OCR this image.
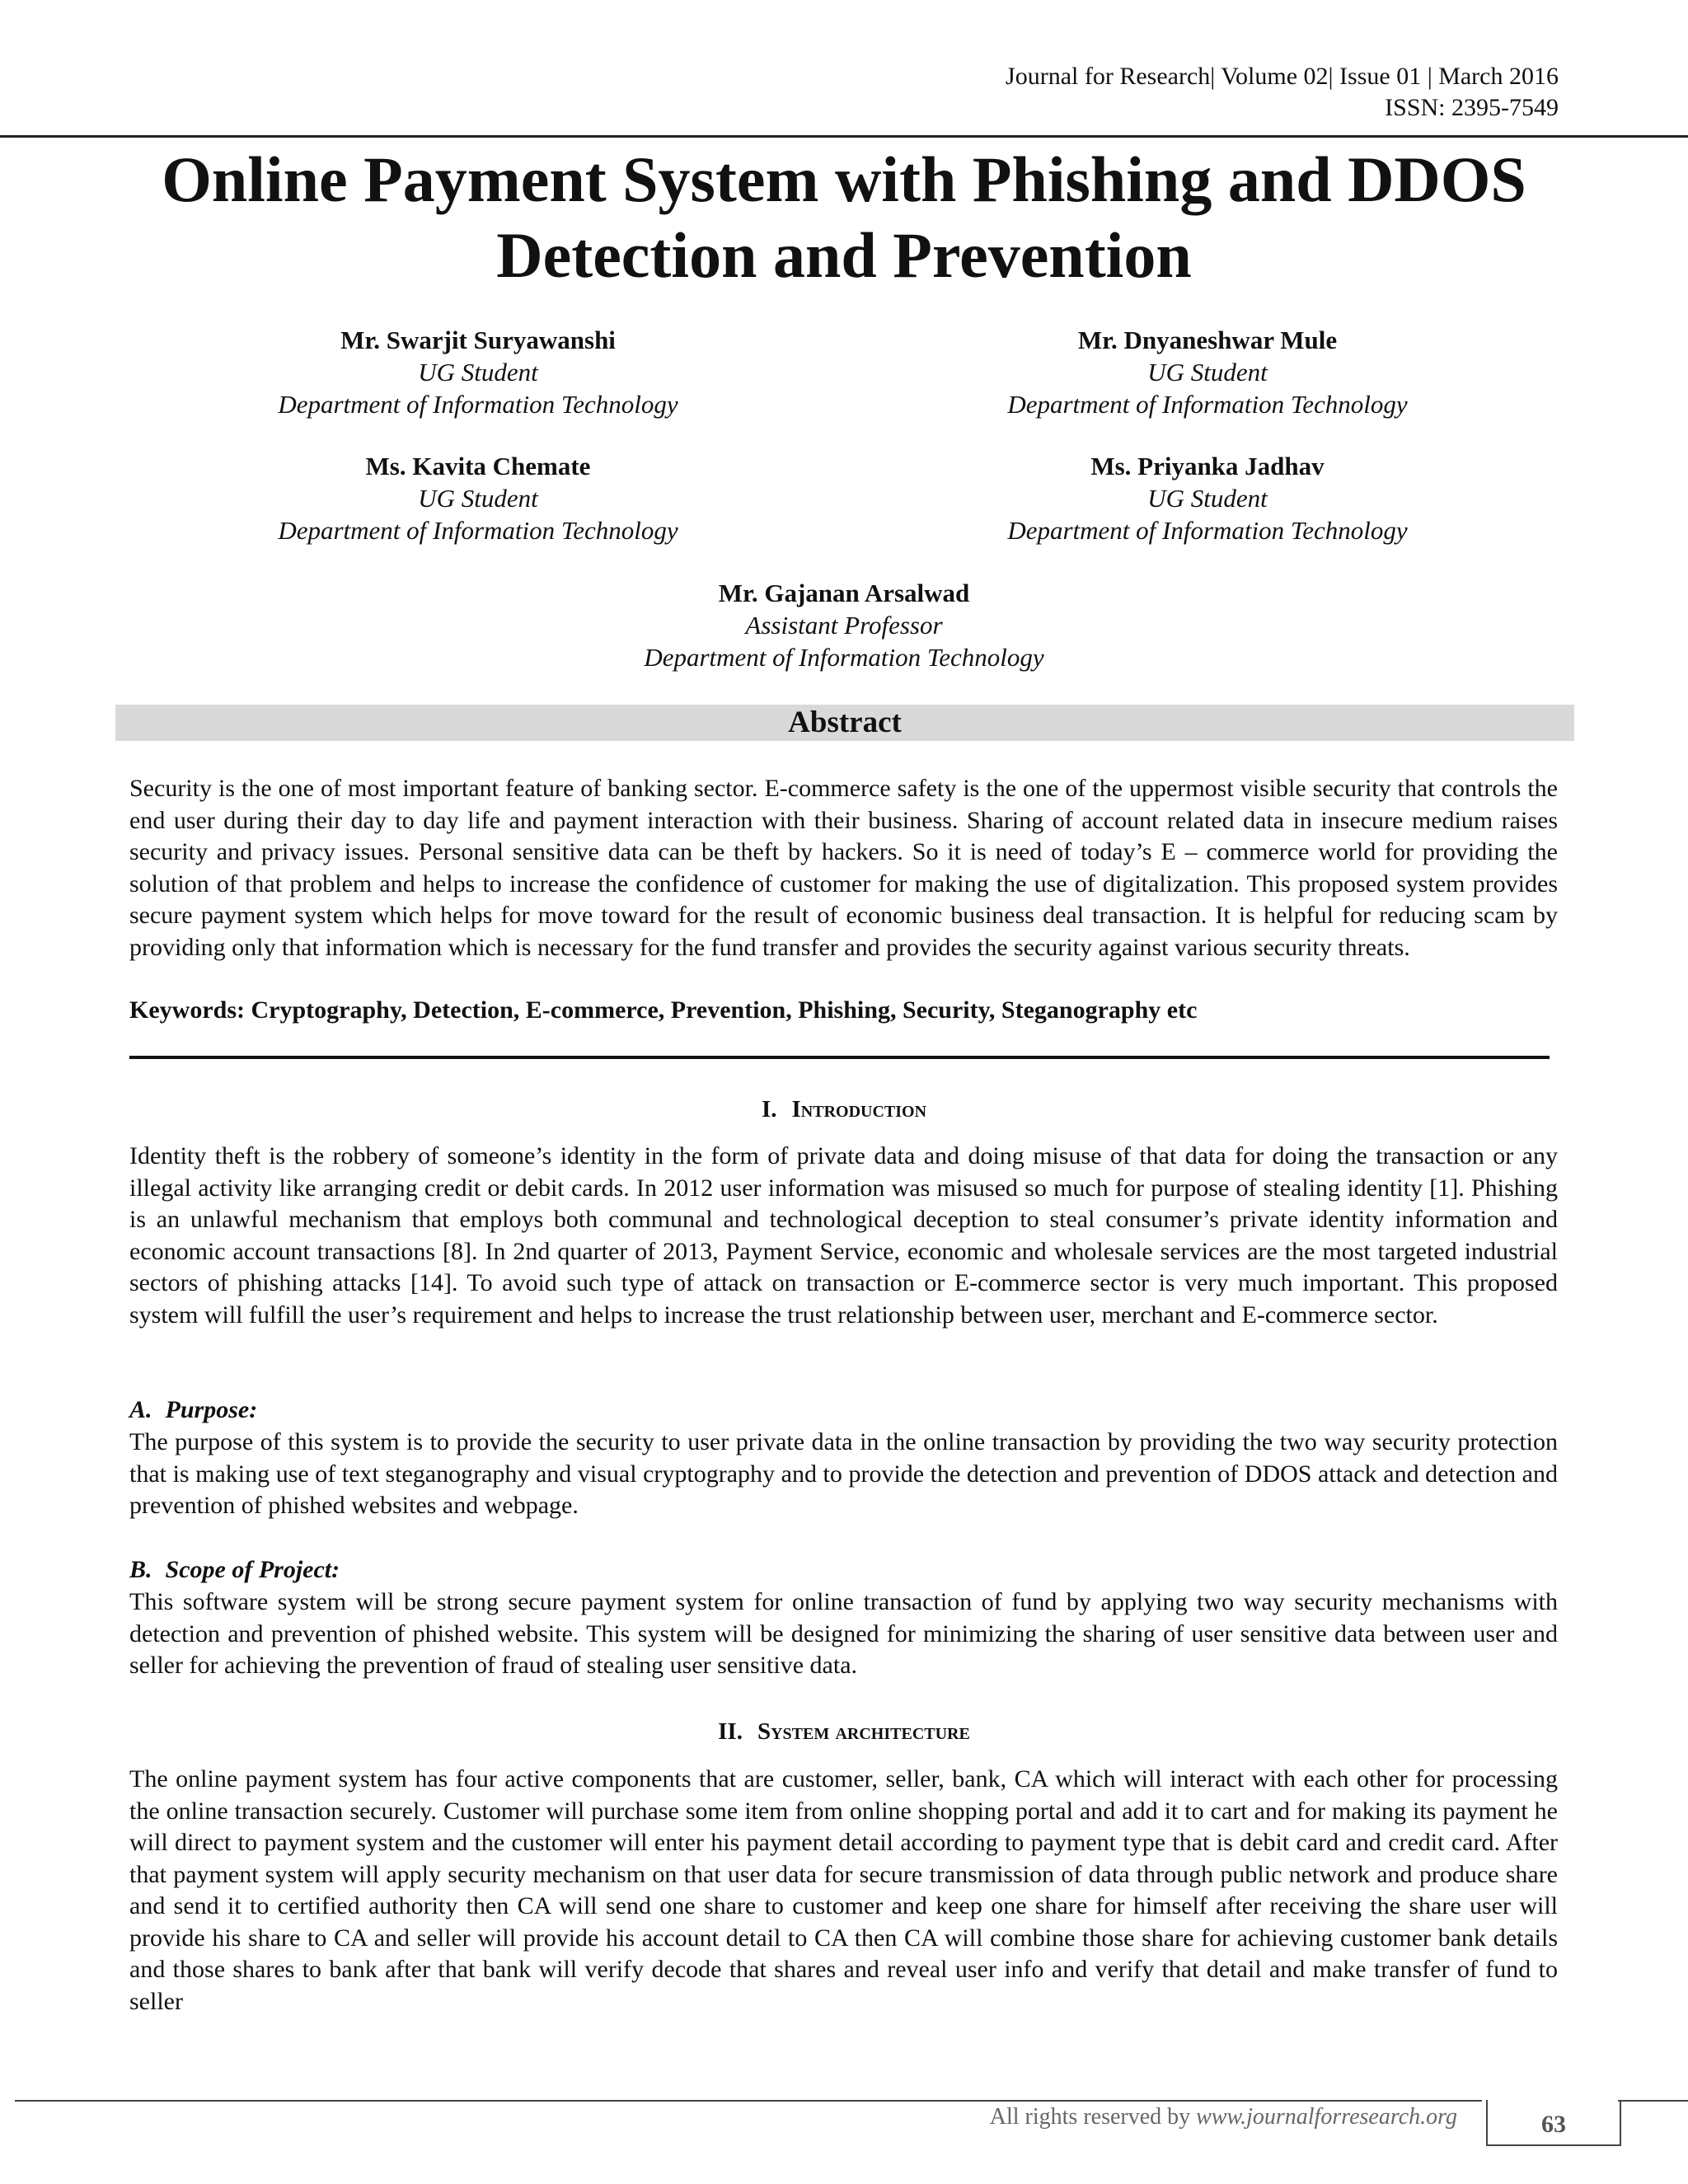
Journal for Research| Volume 02| Issue 01 | March 2016
ISSN: 2395-7549
Online Payment System with Phishing and DDOS
Detection and Prevention
Mr. Swarjit Suryawanshi
UG Student
Department of Information Technology
Mr. Dnyaneshwar Mule
UG Student
Department of Information Technology
Ms. Kavita Chemate
UG Student
Department of Information Technology
Ms. Priyanka Jadhav
UG Student
Department of Information Technology
Mr. Gajanan Arsalwad
Assistant Professor
Department of Information Technology
Abstract

Security is the one of most important feature of banking sector. E-commerce safety is the one of the uppermost visible security that controls the end user during their day to day life and payment interaction with their business. Sharing of account related data in insecure medium raises security and privacy issues. Personal sensitive data can be theft by hackers. So it is need of today’s E – commerce world for providing the solution of that problem and helps to increase the confidence of customer for making the use of digitalization. This proposed system provides secure payment system which helps for move toward for the result of economic business deal transaction. It is helpful for reducing scam by providing only that information which is necessary for the fund transfer and provides the security against various security threats.

Keywords: Cryptography, Detection, E-commerce, Prevention, Phishing, Security, Steganography etc
I. Introduction

Identity theft is the robbery of someone’s identity in the form of private data and doing misuse of that data for doing the transaction or any illegal activity like arranging credit or debit cards. In 2012 user information was misused so much for purpose of stealing identity [1]. Phishing is an unlawful mechanism that employs both communal and technological deception to steal consumer’s private identity information and economic account transactions [8]. In 2nd quarter of 2013, Payment Service, economic and wholesale services are the most targeted industrial sectors of phishing attacks [14]. To avoid such type of attack on transaction or E-commerce sector is very much important. This proposed system will fulfill the user’s requirement and helps to increase the trust relationship between user, merchant and E-commerce sector.

A. Purpose:

The purpose of this system is to provide the security to user private data in the online transaction by providing the two way security protection that is making use of text steganography and visual cryptography and to provide the detection and prevention of DDOS attack and detection and prevention of phished websites and webpage.

B. Scope of Project:

This software system will be strong secure payment system for online transaction of fund by applying two way security mechanisms with detection and prevention of phished website. This system will be designed for minimizing the sharing of user sensitive data between user and seller for achieving the prevention of fraud of stealing user sensitive data.

II. System architecture

The online payment system has four active components that are customer, seller, bank, CA which will interact with each other for processing the online transaction securely. Customer will purchase some item from online shopping portal and add it to cart and for making its payment he will direct to payment system and the customer will enter his payment detail according to payment type that is debit card and credit card. After that payment system will apply security mechanism on that user data for secure transmission of data through public network and produce share and send it to certified authority then CA will send one share to customer and keep one share for himself after receiving the share user will provide his share to CA and seller will provide his account detail to CA then CA will combine those share for achieving customer bank details and those shares to bank after that bank will verify decode that shares and reveal user info and verify that detail and make transfer of fund to seller

All rights reserved by www.journalforresearch.org	63
